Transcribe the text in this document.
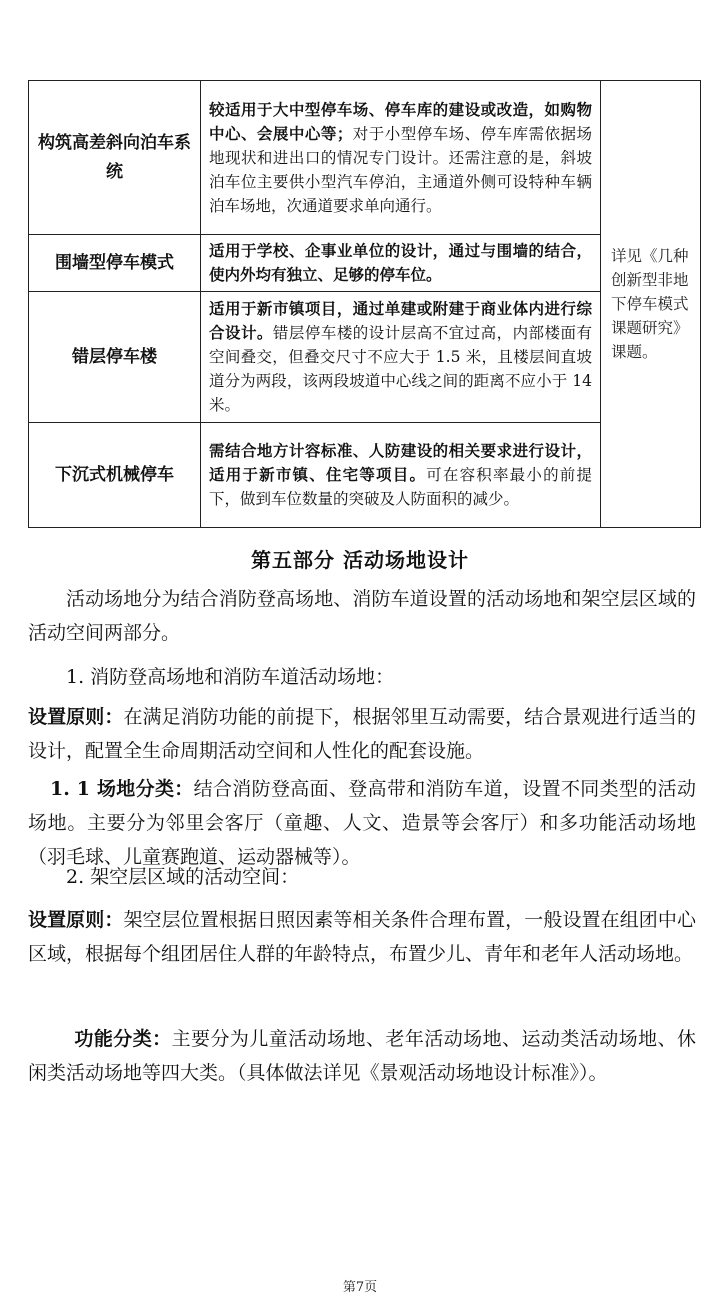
构筑高差斜向泊车系统	较适用于大中型停车场、停车库的建设或改造，如购物中心、会展中心等；对于小型停车场、停车库需依据场地现状和进出口的情况专门设计。还需注意的是，斜坡泊车位主要供小型汽车停泊，主通道外侧可设特种车辆泊车场地，次通道要求单向通行。	详见《几种创新型非地下停车模式课题研究》课题。
围墙型停车模式	适用于学校、企事业单位的设计，通过与围墙的结合，使内外均有独立、足够的停车位。	
错层停车楼	适用于新市镇项目，通过单建或附建于商业体内进行综合设计。错层停车楼的设计层高不宜过高，内部楼面有空间叠交，但叠交尺寸不应大于 1.5 米，且楼层间直坡道分为两段，该两段坡道中心线之间的距离不应小于 14 米。	
下沉式机械停车	需结合地方计容标准、人防建设的相关要求进行设计，适用于新市镇、住宅等项目。可在容积率最小的前提下，做到车位数量的突破及人防面积的减少。	
第五部分 活动场地设计
活动场地分为结合消防登高场地、消防车道设置的活动场地和架空层区域的活动空间两部分。
1. 消防登高场地和消防车道活动场地：
设置原则：在满足消防功能的前提下，根据邻里互动需要，结合景观进行适当的设计，配置全生命周期活动空间和人性化的配套设施。
1. 1 场地分类：结合消防登高面、登高带和消防车道，设置不同类型的活动场地。主要分为邻里会客厅（童趣、人文、造景等会客厅）和多功能活动场地（羽毛球、儿童赛跑道、运动器械等）。
2. 架空层区域的活动空间：
设置原则：架空层位置根据日照因素等相关条件合理布置，一般设置在组团中心区域，根据每个组团居住人群的年龄特点，布置少儿、青年和老年人活动场地。
功能分类：主要分为儿童活动场地、老年活动场地、运动类活动场地、休闲类活动场地等四大类。（具体做法详见《景观活动场地设计标准》）。
第7页
